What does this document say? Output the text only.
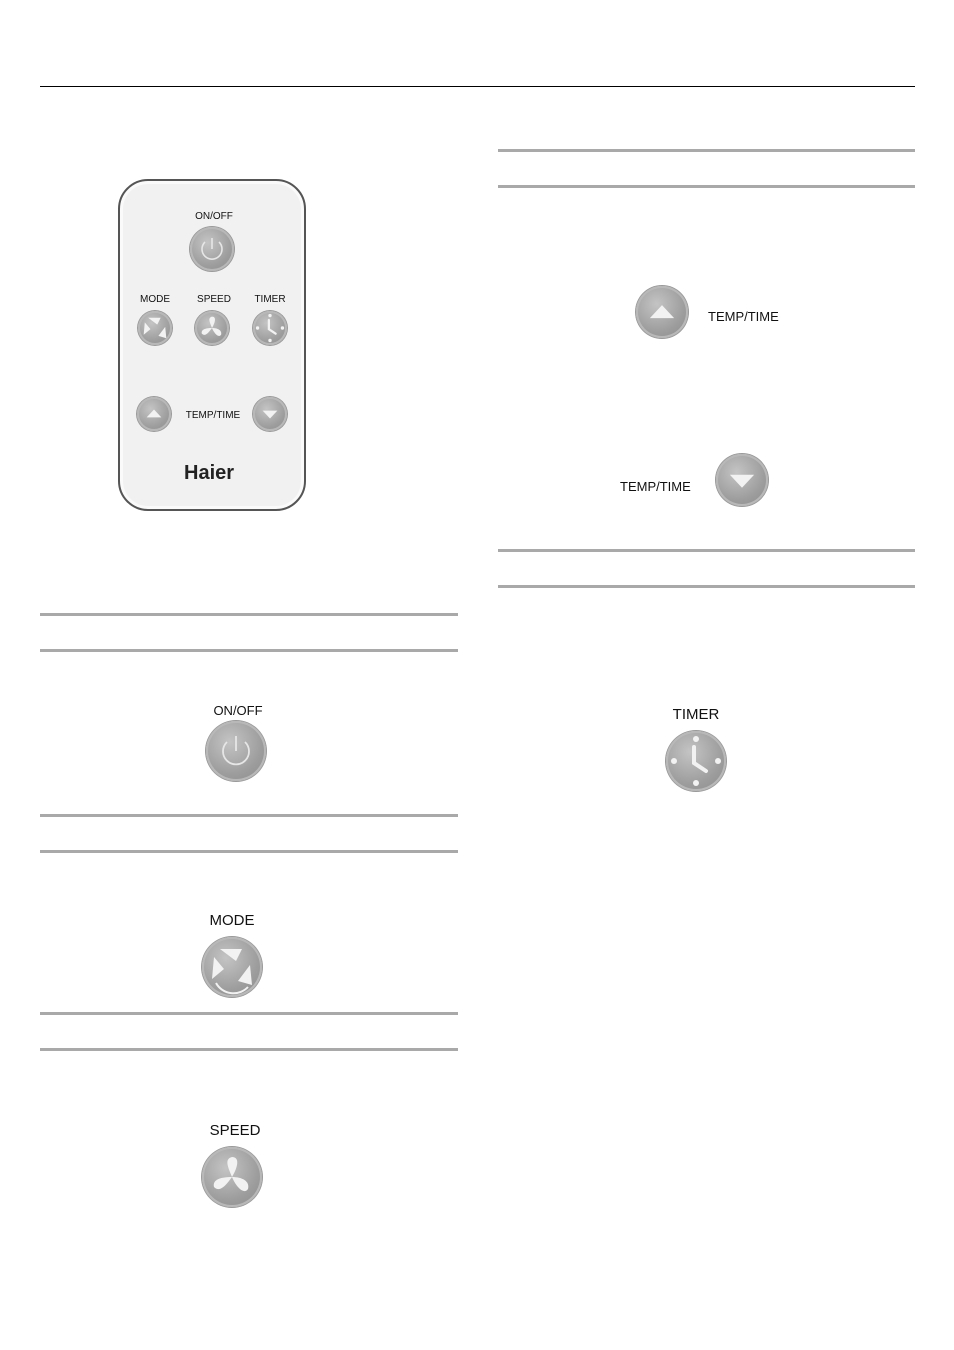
ON/OFF
MODE	SPEED	TIMER
TEMP/TIME
Haier
ON/OFF
MODE
SPEED
TEMP/TIME
TEMP/TIME
TIMER
